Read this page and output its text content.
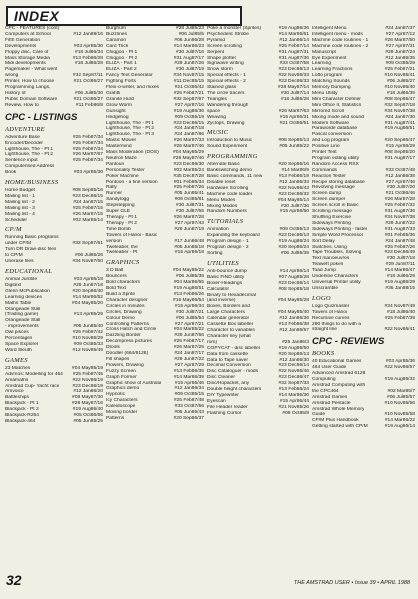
INDEX
CPC - FEATURES (cont)
Computers at School	#12 Jan88/16
Fifth Generation
Developments	#03 Apr85/30
Floppy disc, Care of	#18 Jul86/34
Mass Storage Media	#13 Feb86/28
Midi developments	#18 Jul86/28
Pagemaker - What went
wrong	#32 Sep87/11
Printer, How to choose	#21 Oct86/27
Programming Langs,
History of	#06 Jul85/30
Public Domain Software	#21 Oct86/27
Review, How to	#11 Feb86/8
CPC - LISTINGS
ADVENTURE
Adventure Base	#25 Feb87/34
Encoder/Decoder	#25 Feb87/34
Lighthouse, The - Pt 1	#25 Feb87/34
Lighthouse, The - Pt 2	#26 Mar87/67
Sentence input	#25 Feb87/34
Computerised Address
Book	#03 Apr85/30
HOME/BUSINESS
Home Budget	#08 Sep85/16
Mailing list - 1	#23 Dec86/15
Mailing list - 2	#24 Jan87/15
Mailing list - 3	#25 Feb87/15
Mailing list - 4	#26 Mar87/15
Scheduler	#02 Mar85/14
CP/M
Running Basic programs
under CP/M	#32 Sep87/61
Turn DR Draw-disc files
to CP/M	#06 Jul85/26
Unerase files	#34 Nov87/50
EDUCATIONAL
Animal Jumble	#03 Apr85/18
Digitext	#29 Jun87/18
Glenn McPublication	#20 Sep86/40
Learning devices	#14 Mar86/52
Maths Table	#04 May85/20
Orangeade Stall
(Trading game)	#13 Apr85/29
Orangeade Stall
- improvements	#05 Jun85/40
Owl pisces	#25 Feb87/42
Percentages	#10 Nov85/29
Space Explorer	#09 Oct85/33
Word Sleuth	#12 Nov85/49
GAMES
23 Matches	#04 May85/19
Advmos: Modelling for 464 #25 Feb87/45
Amamaths	#22 Nov86/19
Amstrad Cup- Yacht race	#23 Dec86/19
Amvoice	#12 Jan86/20
Battleships	#08 May87/30
Blackjack - Pt 1	#28 May87/16
Blackjack - Pt 2	#19 Aug86/40
Blackjack-R264	#05 Oct86/66
Blackjack-464	#05 Jun85/25
Burghurn	#28 Jul85/23
Buzzlines	#06 Jul85/5
Caramon	#06 Jun86/28
Card Trick	#14 Mar86/23
Chiqgoo - Pt 1	#30 Jul87/16
Chiqgoo - Pt 2	#31 Aug87/17
ELIZA - Part 1	#29 Jun87/26
ELIZA - Part 2	#30 Jul87/19
Fancy Text Generator	#34 Nov87/15
Fighting Forts	#11 Dec85/15
Flexi-o-writer, and mixes	#21 Oct86/42
Grafitti	#25 Feb87/21
Granite Hurd	#32 Sep87/67
Grow Worm	#27 Apr87/16
Gunsight	#19 Aug86/36
Hedgehog	#09 Oct85/19
Lighthouse, The - Pt 1	#23 Dec86/15
Lighthouse, The - Pt 2	#24 Jan87/18
Lighthouse, The - Pt 3	#24 Jan87/86
Mastic Mower	#26 Mar87/33
Mastermind	#26 Mar87/46
Mass Moderation (DOS)	#04 May85/29
Neutron Maze	#28 May87/40
Pantoun	#23 Dec86/30
Personality Tester	#02 Mar85/24
Poker Machine	#35 Dec87/28
Pontoon - a fine version	#01 Feb85/34
Rally	#25 Feb87/26
Runner	#05 Jun85/41
Sandylogg	#09 Oct85/81
Stepstepping	#30 Jul87/31
Super GLE	#30 Jul87/55
Therapy - Pt 1	#26 Mar87/28
Therapy - Pt 2	#27 Apr87/43
Time Bomb	#29 Jun87/19
Towers of Hanoi - Basic
version	#17 Jun86/48
Tweleaber, the	#05 Jun85/18
Tweleaber - Pt	#15 Apr86/18
GRAPHICS
3 D Ball	#04 May85/22
Bouncers	#06 Jul85/35
Bold characters	#04 Mar86/55
Bold Text	#19 Aug86/51
Build a Sprite	#13 Feb86/26
Character designer	#16 May86/54
Circles in minutes	#15 Apr86/34
Circles, Drawing	#30 Jul87/21
Colour Demo	#06 Jul85/54
Controlling Patterns	#27 Apr87/21
Cross Hatch and Circle	#04 Mar85/22
Dazzling Border	#29 Jun87/56
Decompress pictures	#25 Feb87/17
Dtools	#26 Mar87/25
Doodler (664/6128)	#24 Jan87/17
Fill shapes	#29 Jun87/22
Flowers, Drawing	#27 Apr87/29
Fuzzy Screen	#13 Feb86/35
Graph Former	#14 Mar86/39
Graphic show of Australia	#15 Apr86/46
Graphics demo	#12 Jan86/34
Hypnotic	#09 Oct85/15
Icy Characters	#25 Feb87/48
Kaleidoscope	#33 Oct87/56
Moving border	#05 Jun85/43
Patterns	#20 Sep86/37
Poke a monster (Sprites)	#19 Aug86/36
Psychedelic Strobe	#14 Mar86/61
Pyramid	#12 Jan86/14
Screen scrolling	#25 Feb87/14
Serpent	#31 Aug87/31
Shape plotter	#31 Aug87/36
Signwave writing	#33 Oct87/58
Snow storm	#23 Dec86/13
Special effects - 1	#22 Nov86/33
Special effects - 2	#23 Dec86/33
Stained glass	#28 May87/14
The circle tracers	#30 Jul87/14
Triangles	#18 Jul86/28
Wandering through
space	#26 Mar87/63
Weaving	#15 Apr86/31
Zyclops, Drawing	#21 Oct86/51
MUSIC
Introduction to Music	#08 Sep85/13
Sound Experiment	#05 Jun85/22
PROGRAMMING
Alternate Basic	#20 Sep86/16
Bankswitching demo	#14 Mar86/9
Basic commands, 11 new	#13 Feb86/19
Disable reset	#12 Jan86/33
Hardware Scrolling	#22 Nov86/43
Machine code loader	#23 Dec86/32
Menu Modes	#04 May85/14
Mixing Modes	#30 Jul87/36
Random Numbers	#15 Apr86/50
TUTORIALS
Animation	#09 Oct85/13
Expanding the keyboard	#23 Dec86/13
Program design - 1	#19 Aug86/24
Program design - 2	#20 Sep86/24
Sorting	#06 Jul85/39
UTILITIES
Anti-bounce dump	#14 Apr86/14
Basic FIND utility	#07 Aug85/28
Boxer-Headings	#23 Dec86/14
Calculator	#08 Sep85/18
Binary to Hexadecimal
(and inverse)	#04 May85/28
Boxes, Borders and
Large Characters	#04 May85/40
Calendar generator	#12 Jan86/36
Cassette Box labeller	#13 Feb86/38
Character to variables	#12 Jan86/57
Character key (what
rom)	#25 Jan86/3
COPYCAT - disc labeller	#19 Aug86/50
Data from cassette	#20 Sep86/13
Data to Tape saver	#12 Jan86/30
Decimal Conversion	#23 Dec86/14
Disc Cataloguer - mods	#22 Nov86/46
Disc Cleaner	#23 Dec86/47
Disc/Hopacket, any	#32 Sep87/33
Double height characters	#13 Feb86/24
DIY Typewriter	#14 Mar86/30
Eyescan	#15 Apr86/44
File Header reader	#21 Nov85/26
Flashing Cursor	#09 Oct85/9
Intelligent Menu	#24 Jan87/37
Intelligent menu - mods	#27 Apr87/12
Machine code routines - 1	#26 Mar87/50
Machine code routines - 2	#27 Apr87/31
Manuscript	#29 Jun87/24
Eye Experiment	#12 Jan86/35
Learning	#09 Oct85/29
Learning Fractions	#25 Feb87/21
Lotto program	#10 Nov85/41
Matching Sounds	#06 Jul85/27
Memory Dumping	#10 Nov85/40
Menu Utility	#18 Jul86/35
Mini Character Definer	#08 Sep85/47
Mini Office II, Statistics	#32 Sep87/18
Mirrored Scroll	#34 Nov87/38
Mixing mode and sound	#24 Jan87/30
Modem Software	#31 Aug87/41
Paraworde database	#19 Aug86/51
Pascal conversion
and Log program	#20 Sep86/47
Positive Line	#15 Apr86/29
Printer Test	#08 Sep85/20
Program editing utility	#31 Aug87/17
Random Access RSX
Commands	#33 Oct87/48
Reaction Tester	#12 Jan86/38
Recipe storing database	#27 Apr87/46
Revolving message	#30 Jul87/20
Screen dump	#21 Oct86/46
Screen dumper	#26 Mar87/28
Screen scroll in Basic	#25 Feb87/32
Scrolling message	#31 Aug87/36
Shuffling Exercise	#34 Nov87/38
Sideways Printing	#29 Jun87/22
Sideways Printing - faster	#31 Aug87/33
Simple Word Processor	#01 Feb85/36
Sort Delay	#24 Jan87/48
Switches, Using	#25 Feb87/26
Tape Troubles, Solving	#23 Dec86/49
Text manoeuvres	#30 Jul87/18
Teaweft pokes	#29 Jun87/11
Toad Jump	#14 Mar86/47
Underline Characters	#18 Jul86/29
Universal Printer utility	#19 Aug86/29
Unscramble	#36 Jan88/15
LOGO
Logo Quizmaster	#34 Nov87/49
Towers of Hanoi	#18 Jul86/40
Recursive curves	#25 Feb87/39
290 things to do with a
straight line	#22 Nov86/41
CPC - REVIEWS
BOOKS
40 Educational Games	#03 Apr85/36
464 User Guide	#22 Nov86/57
Advanced Amstrad 6128
Computing	#19 Aug86/32
Amstrad Computing with
the CPC464	#02 Mar85/7
Amstrad Games	#06 Jul85/57
Amstrad Pentacle	#10 Nov85/56
Amstrad Whole Memory
Guide	#10 Nov85/58
CP/M Plus Handbook	#14 Mar86/22
Getting started with CP/M	#19 Aug86/14
32	THE AMSTRAD USER • Issue 39 • APRIL 1988
